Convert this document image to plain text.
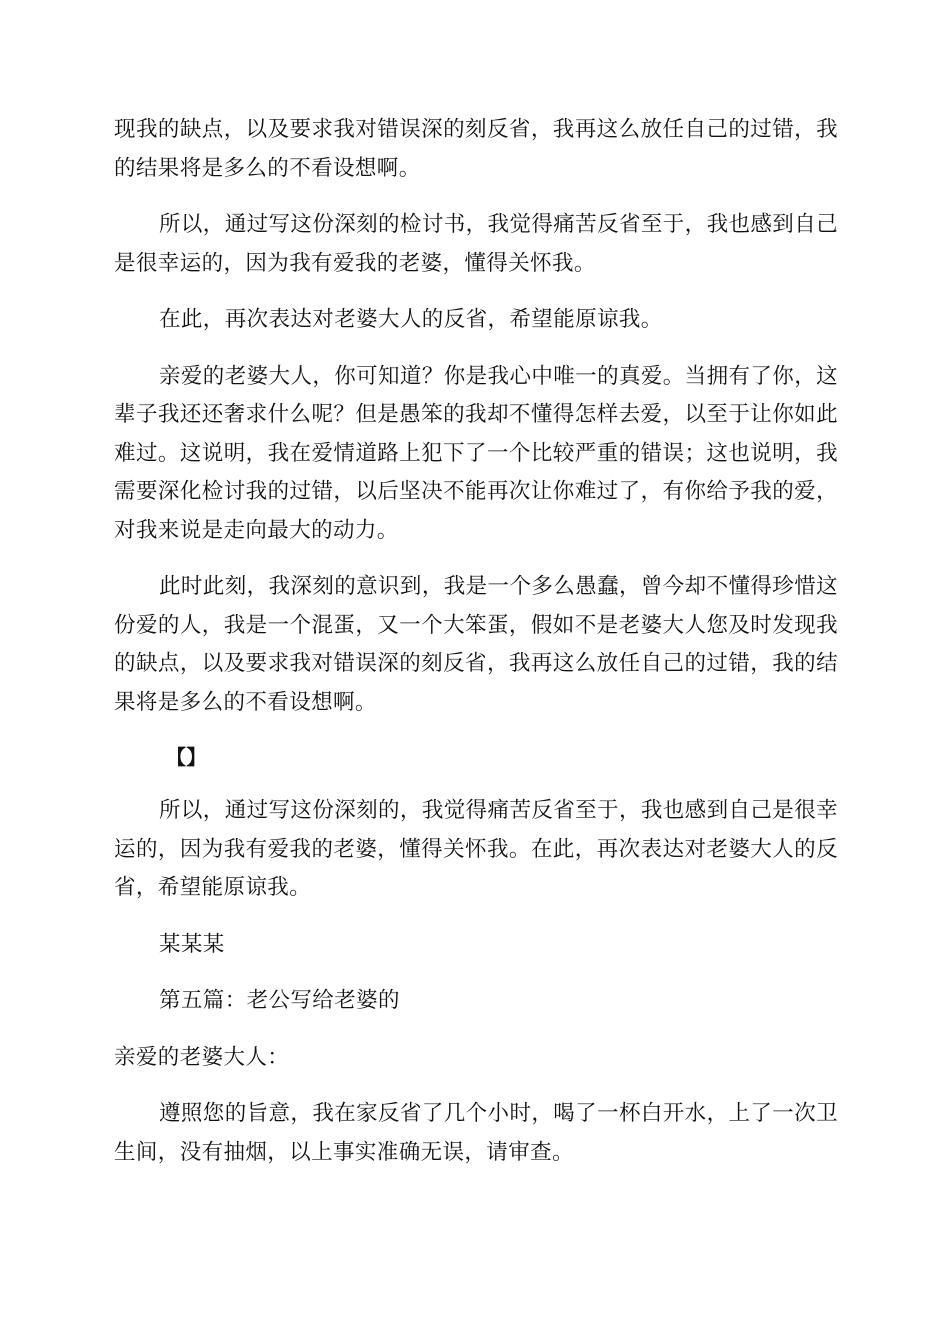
现我的缺点，以及要求我对错误深的刻反省，我再这么放任自己的过错，我的结果将是多么的不看设想啊。

所以，通过写这份深刻的检讨书，我觉得痛苦反省至于，我也感到自己是很幸运的，因为我有爱我的老婆，懂得关怀我。

在此，再次表达对老婆大人的反省，希望能原谅我。

亲爱的老婆大人，你可知道？你是我心中唯一的真爱。当拥有了你，这辈子我还还奢求什么呢？但是愚笨的我却不懂得怎样去爱，以至于让你如此难过。这说明，我在爱情道路上犯下了一个比较严重的错误；这也说明，我需要深化检讨我的过错，以后坚决不能再次让你难过了，有你给予我的爱，对我来说是走向最大的动力。

此时此刻，我深刻的意识到，我是一个多么愚蠢，曾今却不懂得珍惜这份爱的人，我是一个混蛋，又一个大笨蛋，假如不是老婆大人您及时发现我的缺点，以及要求我对错误深的刻反省，我再这么放任自己的过错，我的结果将是多么的不看设想啊。

【】

所以，通过写这份深刻的，我觉得痛苦反省至于，我也感到自己是很幸运的，因为我有爱我的老婆，懂得关怀我。在此，再次表达对老婆大人的反省，希望能原谅我。

某某某

第五篇：老公写给老婆的

亲爱的老婆大人：

遵照您的旨意，我在家反省了几个小时，喝了一杯白开水，上了一次卫生间，没有抽烟，以上事实准确无误，请审查。
